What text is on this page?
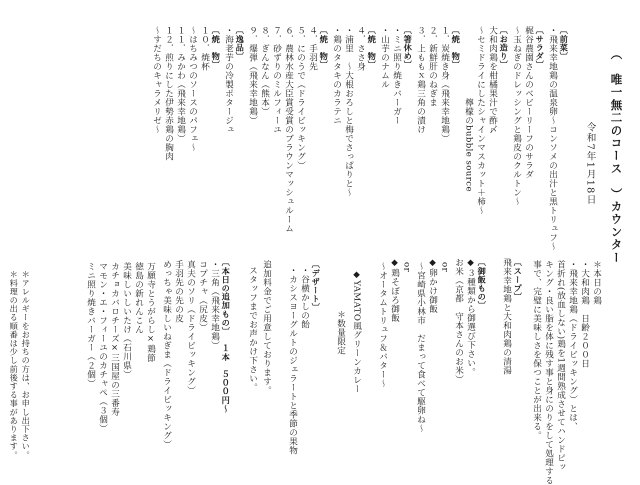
（　唯一無二のコース　）カウンター
令和7年1月18日
＊料理の出る順番は少し前後する事があります。 ＊アレルギーをお持ちの方は、お申し出下さい。
〔前菜〕
・飛来幸地鶏の温泉卵〜コンソメの出汁と黒トリュフ〜
〔サラダ〕
梶谷農園さんのベビーリーフのサラダ
〜玉ねぎのドレッシングと鶏皮のクルトン〜
〔お造り〕
大和肉鶏を柑橘果汁で酢〆
〜セミドライにしたシャインマスカット＋柿〜
檸檬のbubble source
〔焼　物〕
１．炭焼き身（飛来幸地鶏）
２．新鮮肝のねぎま
３．上ももｘ鶏三角の漬け
〔箸休め〕
・ミニ照り焼きバーガー
・山芋のナムル
〔焼　物〕
４．ささ身
・浦里　〜大根おろしと梅でさっぱりと〜
・鶏のタタキのカラテニ
〔焼　物〕
４．手羽先
５．にのうで（ドライビッキング）
６．農林水産大臣賞受賞のブラウンマッシュルーム
７．砂ずりのミルフィーユ
８．ぎんなん（熊本）
９．爆弾（飛来幸地鶏）
〔逸品〕
・海老芋の冷製ポタージュ
〔焼　物〕
１０．焼杯
〜はちみつのソースのパフェ〜
１１．みかわ（飛来幸地鶏）
１２．煎りにした伊勢赤鶏の胸肉
〜すだちのキャラメリゼ〜
＊本日の鶏
・大和肉鶏　日齢２００日
・飛来幸地鶏（ドライビッキング）とは、
首折れ(放血しない)鶏を1週間熟成させてハンドピッ
キング・良い脂を体に残す事と身にのりをして処理する
事で、完璧に美味しさを保つことが出来る。
〔スープ〕
飛来幸地鶏と大和肉鶏の清湯
〔御飯もの〕
◆３種類から御選び下さい。
お米（京都　守本さんのお米）
or
◆卵かけ御飯
〜宮崎県小林市　だまって食べて駆卵ね〜
or
◆鶏そぼろ御飯
〜オータムトリュフ＆バター〜
◆YAMATO風グリーンカレー
＊数量限定
〔デザート〕
・谷横かしの飴
・カシスヨーグルトのジェラートと季節の果物
追加料金でご用意しております。
スタッフまでお声かけ下さい。
〔本日の追加もの〕
１本　５００円〜
・三角（飛来幸地鶏）
コプチャ（尻皮）
真夫のソリ（ドライビッキング）
手羽先の先の皮
めっちゃ美味しいねぎま（ドライビッキング）
万願寺とうがらし×鶏節
徳島の新れんこん
美味しいしいたけ（石川県）
カチョカバロチーズ×三国屋の三番寿
マモン・エ・フィーユのカチャぺ（３個）
ミニ照り焼きバーガー（２個）
